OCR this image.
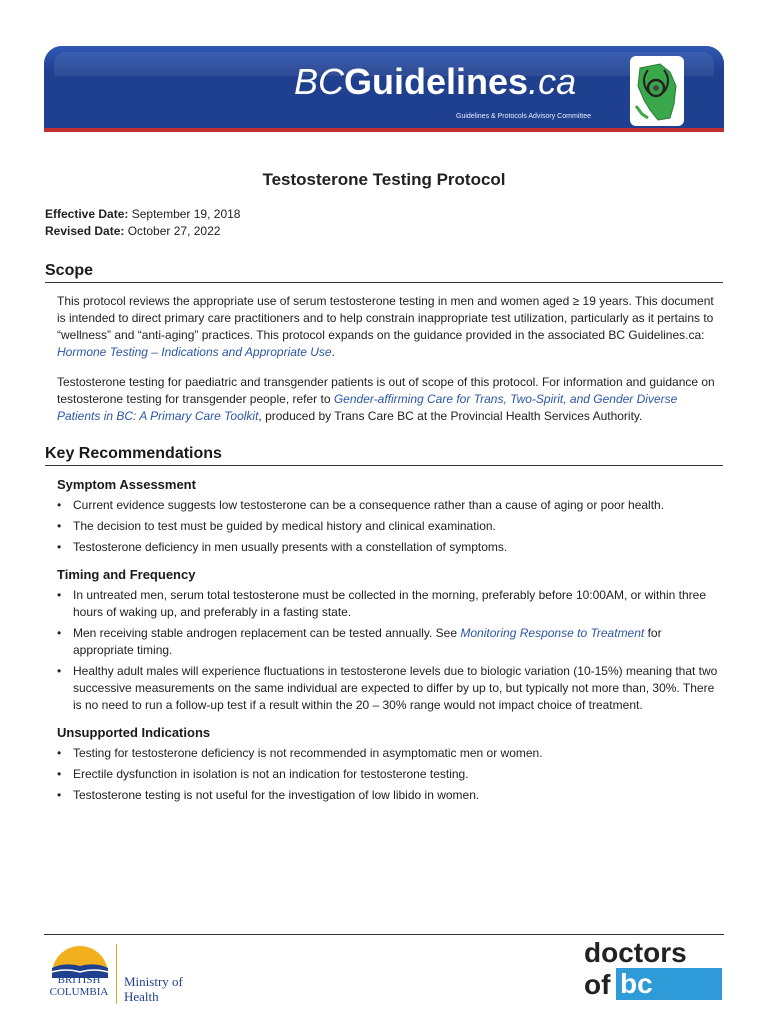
BCGuidelines.ca
Guidelines & Protocols Advisory Committee
Testosterone Testing Protocol
Effective Date: September 19, 2018
Revised Date: October 27, 2022
Scope
This protocol reviews the appropriate use of serum testosterone testing in men and women aged ≥ 19 years. This document is intended to direct primary care practitioners and to help constrain inappropriate test utilization, particularly as it pertains to “wellness” and “anti-aging” practices. This protocol expands on the guidance provided in the associated BC Guidelines.ca: Hormone Testing – Indications and Appropriate Use.
Testosterone testing for paediatric and transgender patients is out of scope of this protocol. For information and guidance on testosterone testing for transgender people, refer to Gender-affirming Care for Trans, Two-Spirit, and Gender Diverse Patients in BC: A Primary Care Toolkit, produced by Trans Care BC at the Provincial Health Services Authority.
Key Recommendations
Symptom Assessment
• Current evidence suggests low testosterone can be a consequence rather than a cause of aging or poor health.
• The decision to test must be guided by medical history and clinical examination.
• Testosterone deficiency in men usually presents with a constellation of symptoms.
Timing and Frequency
• In untreated men, serum total testosterone must be collected in the morning, preferably before 10:00AM, or within three hours of waking up, and preferably in a fasting state.
• Men receiving stable androgen replacement can be tested annually. See Monitoring Response to Treatment for appropriate timing.
• Healthy adult males will experience fluctuations in testosterone levels due to biologic variation (10-15%) meaning that two successive measurements on the same individual are expected to differ by up to, but typically not more than, 30%. There is no need to run a follow-up test if a result within the 20 – 30% range would not impact choice of treatment.
Unsupported Indications
• Testing for testosterone deficiency is not recommended in asymptomatic men or women.
• Erectile dysfunction in isolation is not an indication for testosterone testing.
• Testosterone testing is not useful for the investigation of low libido in women.
BRITISH
COLUMBIA
Ministry of
Health
doctors
of bc
